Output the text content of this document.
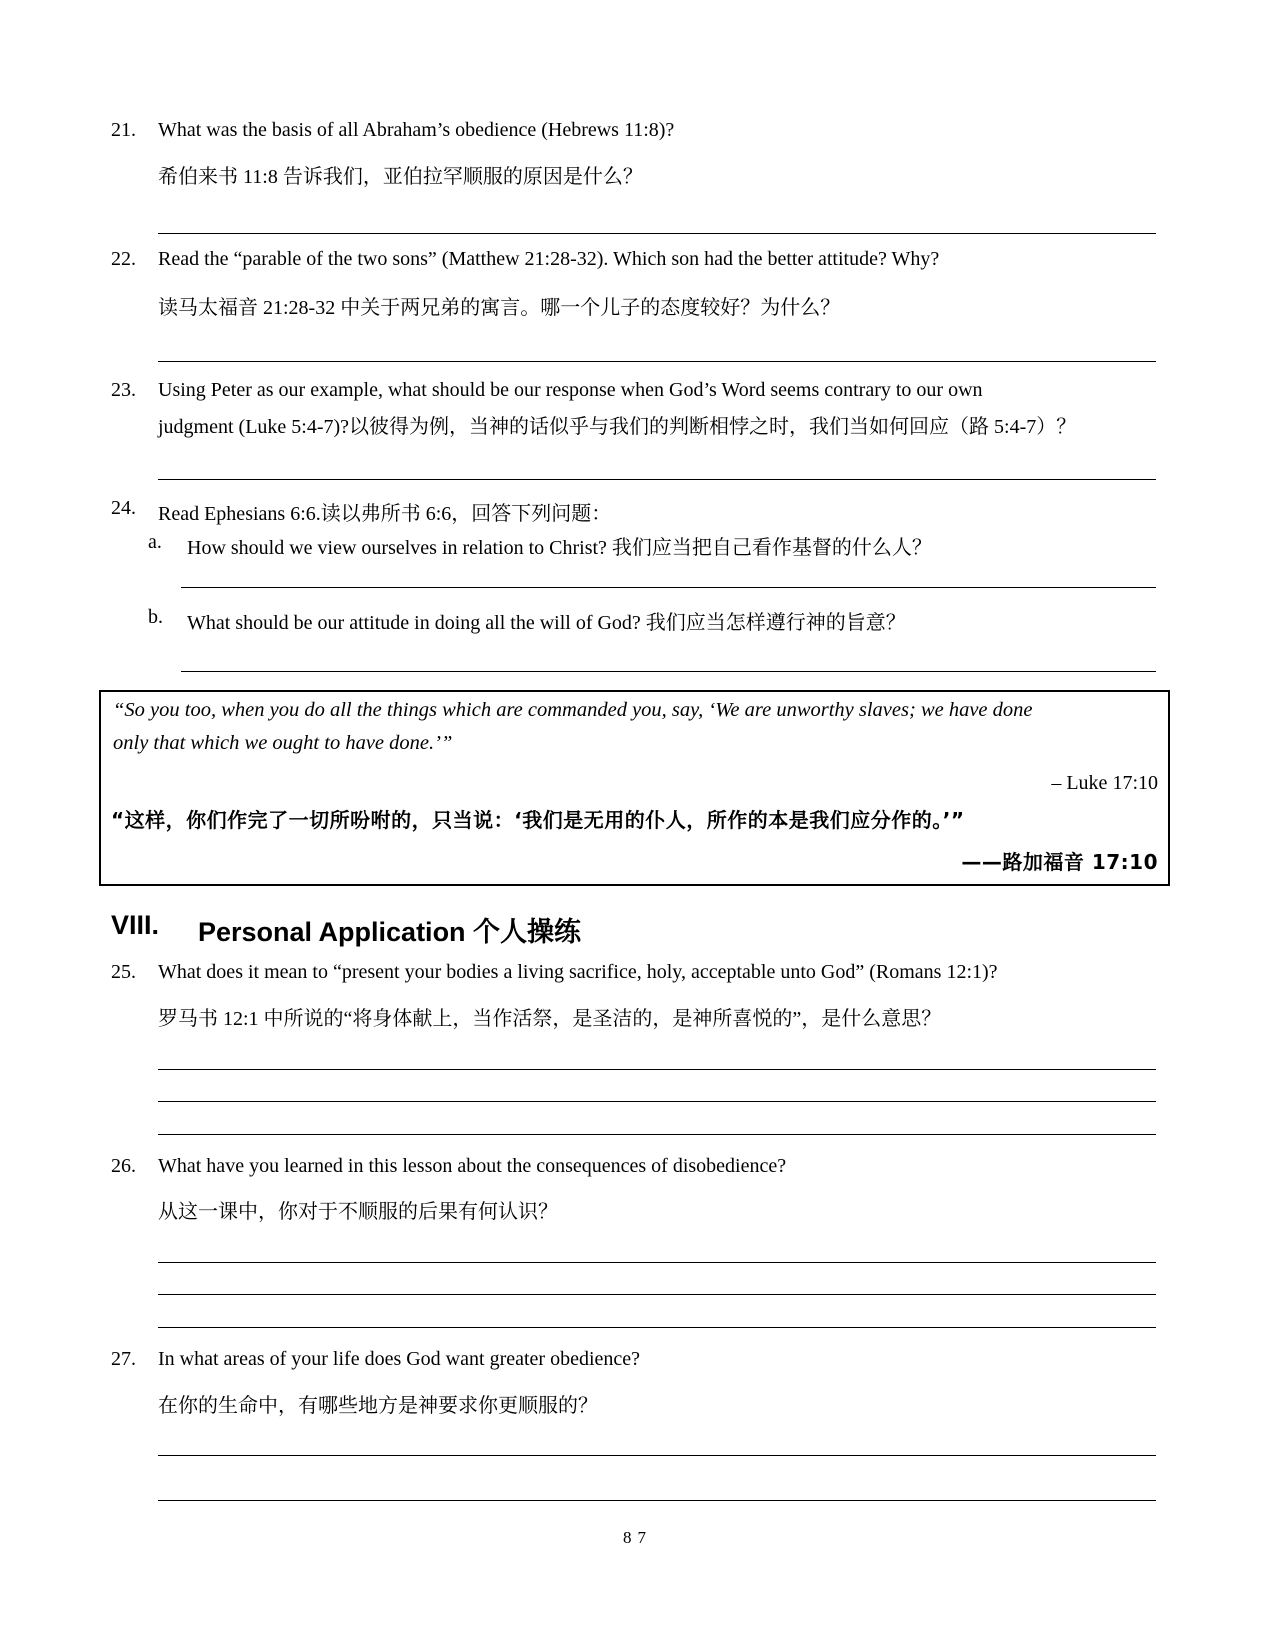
21. What was the basis of all Abraham’s obedience (Hebrews 11:8)?
希伯来书 11:8 告诉我们，亚伯拉罕顺服的原因是什么？
22. Read the “parable of the two sons” (Matthew 21:28-32). Which son had the better attitude? Why?
读马太福音 21:28-32 中关于两兄弟的寓言。哪一个儿子的态度较好？为什么？
23. Using Peter as our example, what should be our response when God’s Word seems contrary to our own
judgment (Luke 5:4-7)?以彼得为例，当神的话似乎与我们的判断相悖之时，我们当如何回应（路 5:4-7）？
24. Read Ephesians 6:6.读以弗所书 6:6，回答下列问题：
a. How should we view ourselves in relation to Christ? 我们应当把自己看作基督的什么人？
b. What should be our attitude in doing all the will of God? 我们应当怎样遵行神的旨意？
“So you too, when you do all the things which are commanded you, say, ‘We are unworthy slaves; we have done
only that which we ought to have done.’”
– Luke 17:10
“这样，你们作完了一切所吩咐的，只当说：‘我们是无用的仆人，所作的本是我们应分作的。’”
——路加福音 17:10
VIII. Personal Application 个人操练
25. What does it mean to “present your bodies a living sacrifice, holy, acceptable unto God” (Romans 12:1)?
罗马书 12:1 中所说的“将身体献上，当作活祭，是圣洁的，是神所喜悦的”，是什么意思？
26. What have you learned in this lesson about the consequences of disobedience?
从这一课中，你对于不顺服的后果有何认识？
27. In what areas of your life does God want greater obedience?
在你的生命中，有哪些地方是神要求你更顺服的？
87
